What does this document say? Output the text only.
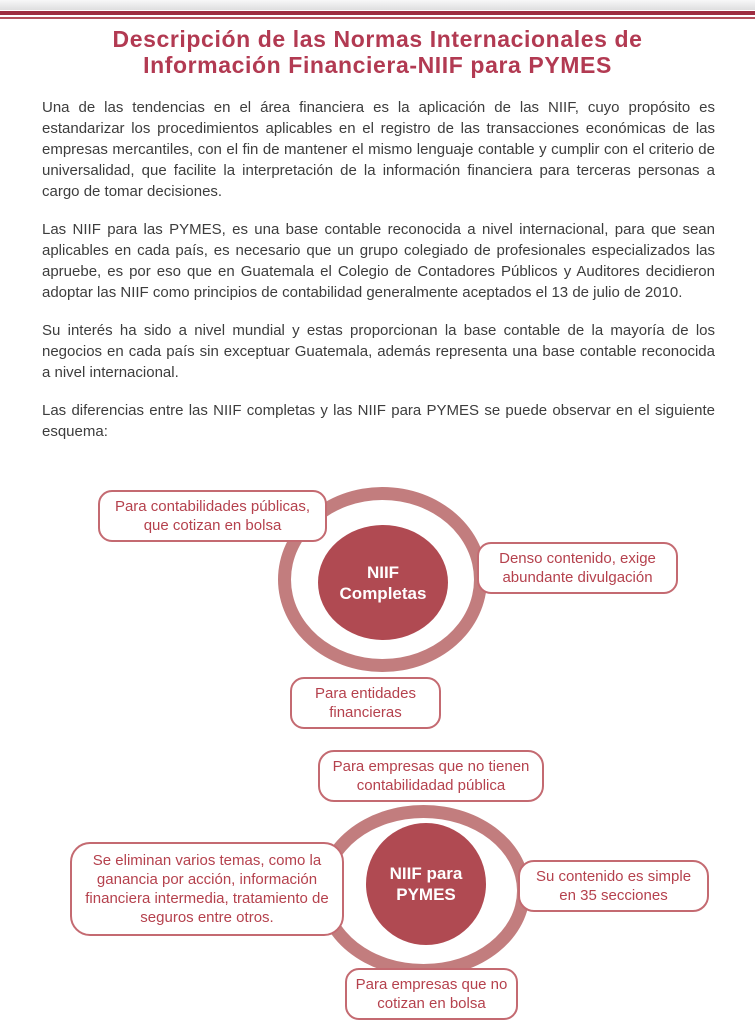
Descripción de las Normas Internacionales de
Información Financiera-NIIF para PYMES

Una de las tendencias en el área financiera es la aplicación de las NIIF, cuyo propósito es estandarizar los procedimientos aplicables en el registro de las transacciones económicas de las empresas mercantiles, con el fin de mantener el mismo lenguaje contable y cumplir con el criterio de universalidad, que facilite la interpretación de la información financiera para terceras personas a cargo de tomar decisiones.

Las NIIF para las PYMES, es una base contable reconocida a nivel internacional, para que sean aplicables en cada país, es necesario que un grupo colegiado de profesionales especializados las apruebe, es por eso que en Guatemala el Colegio de Contadores Públicos y Auditores decidieron adoptar las NIIF como principios de contabilidad generalmente aceptados el 13 de julio de 2010.

Su interés ha sido a nivel mundial y estas proporcionan la base contable de la mayoría de los negocios en cada país sin exceptuar Guatemala, además representa una base contable reconocida a nivel internacional.

Las diferencias entre las NIIF completas y las NIIF para PYMES se puede observar en el siguiente esquema:

NIIF Completas
Para contabilidades públicas, que cotizan en bolsa
Denso contenido, exige abundante divulgación
Para entidades financieras
NIIF para PYMES
Para empresas que no tienen contabilidadad pública
Se eliminan varios temas, como la ganancia por acción, información financiera intermedia, tratamiento de seguros entre otros.
Su contenido es simple en 35 secciones
Para empresas que no cotizan en bolsa
